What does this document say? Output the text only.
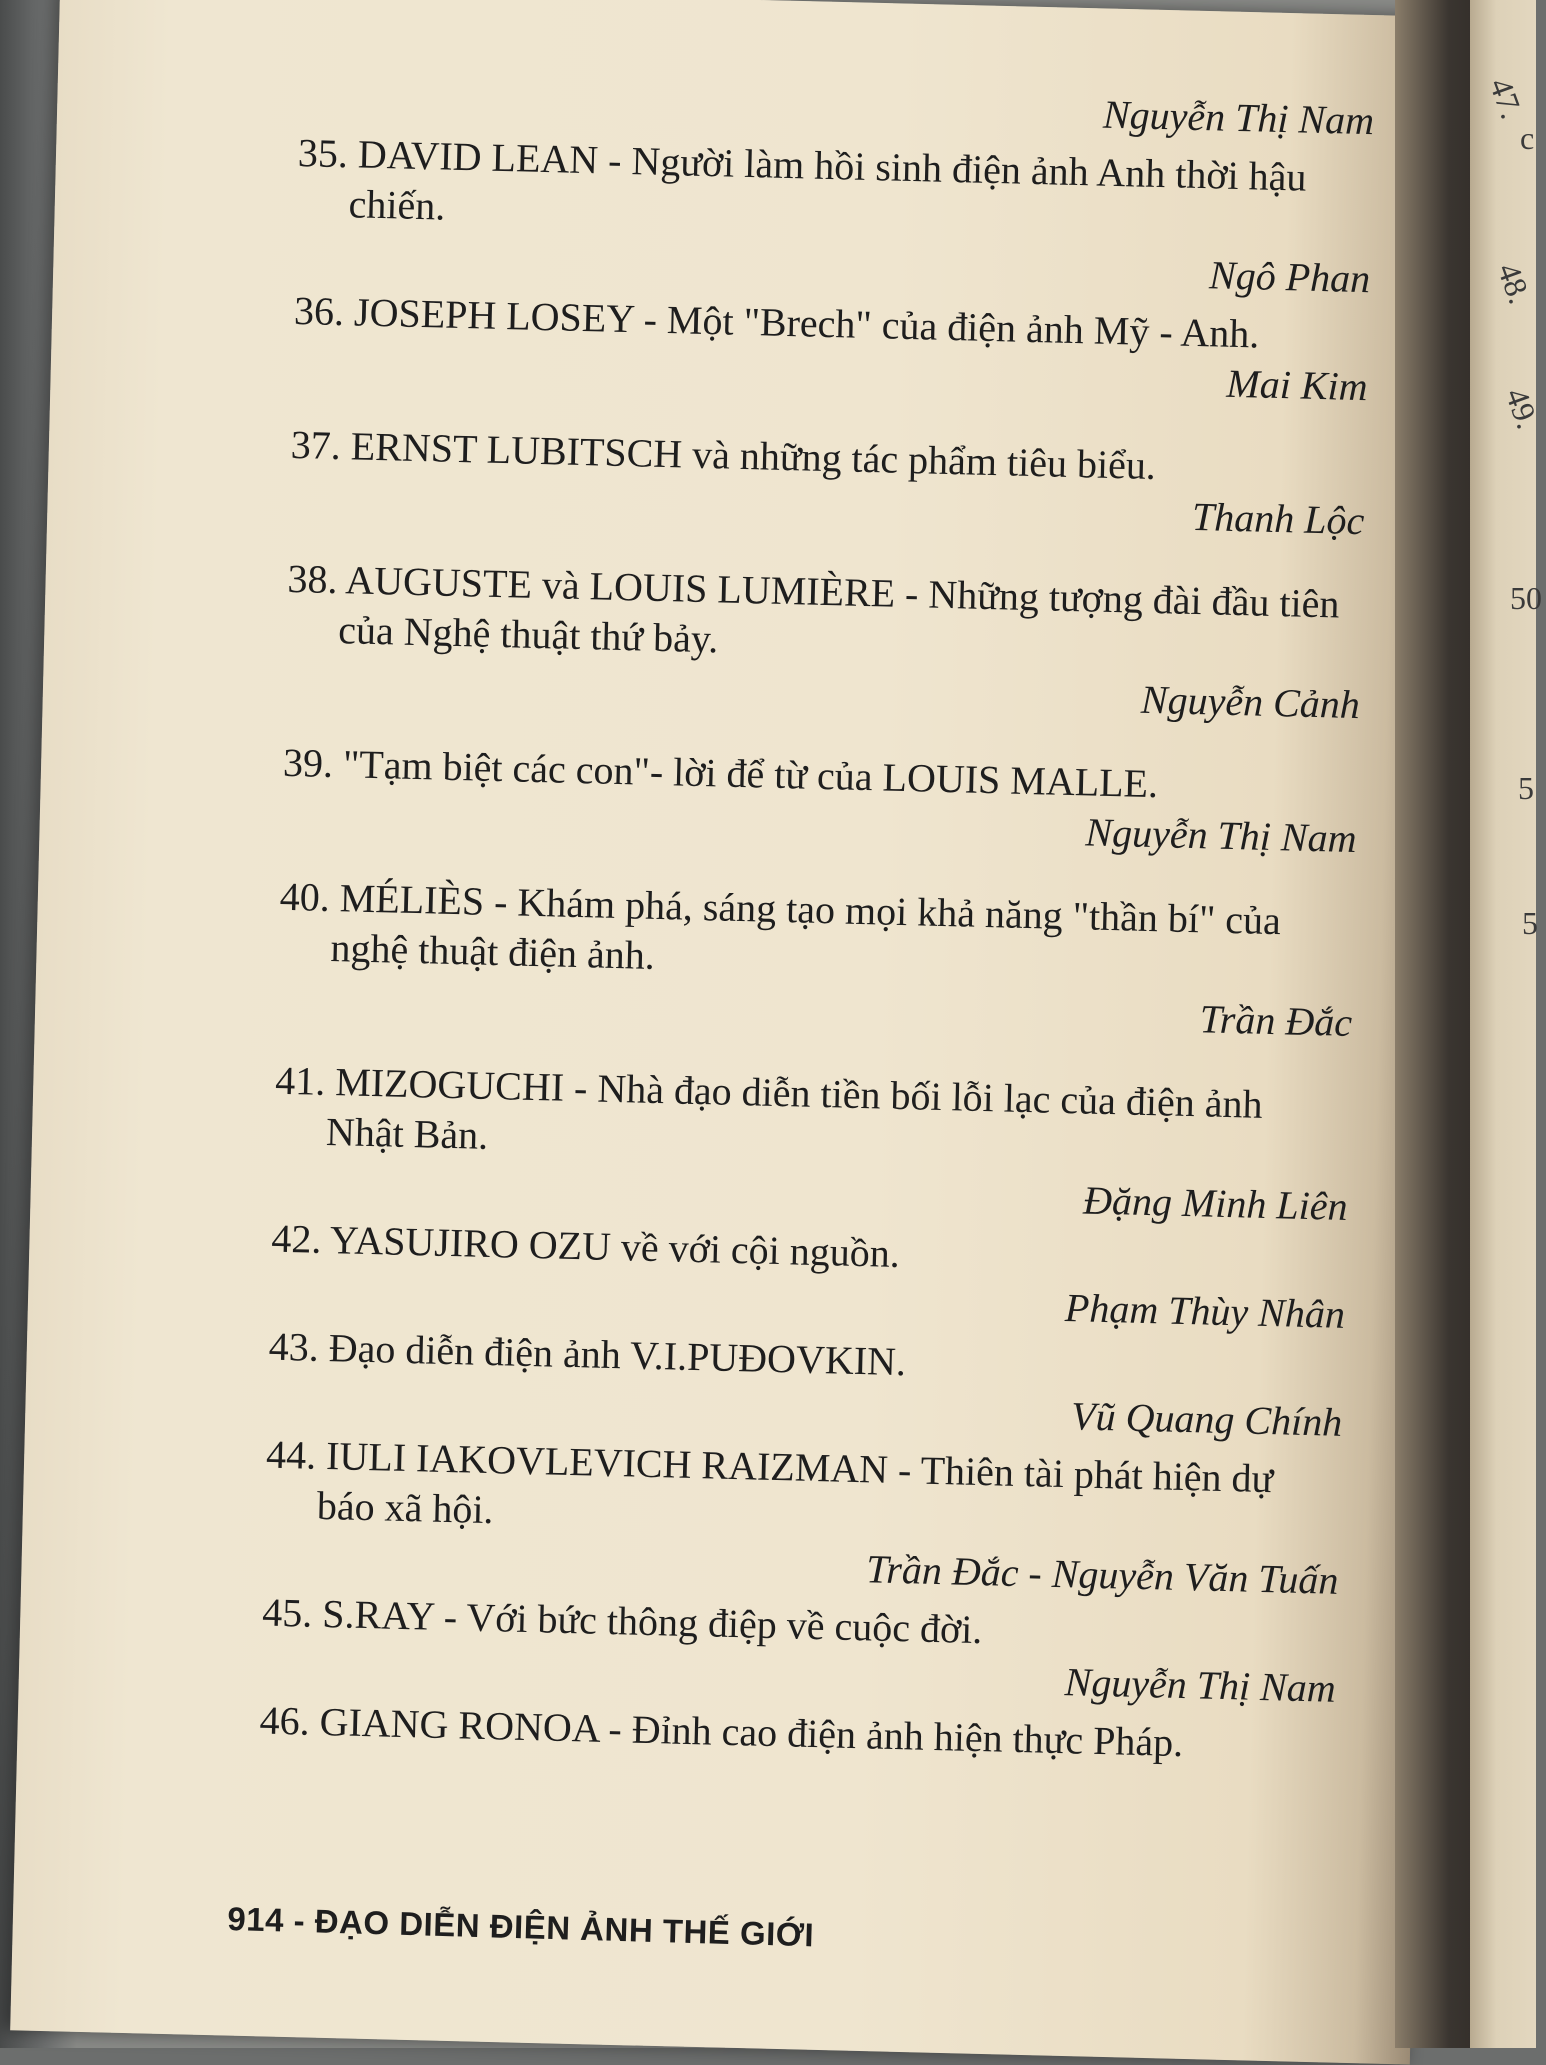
47.
c
48.
49.
50
5
5
Nguyễn Thị Nam
35. DAVID LEAN - Người làm hồi sinh điện ảnh Anh thời hậu chiến.
Ngô Phan
36. JOSEPH LOSEY - Một "Brech" của điện ảnh Mỹ - Anh.
Mai Kim
37. ERNST LUBITSCH và những tác phẩm tiêu biểu.
Thanh Lộc
38. AUGUSTE và LOUIS LUMIÈRE - Những tượng đài đầu tiên của Nghệ thuật thứ bảy.
Nguyễn Cảnh
39. "Tạm biệt các con"- lời để từ của LOUIS MALLE.
Nguyễn Thị Nam
40. MÉLIÈS - Khám phá, sáng tạo mọi khả năng "thần bí" của nghệ thuật điện ảnh.
Trần Đắc
41. MIZOGUCHI - Nhà đạo diễn tiền bối lỗi lạc của điện ảnh Nhật Bản.
Đặng Minh Liên
42. YASUJIRO OZU về với cội nguồn.
Phạm Thùy Nhân
43. Đạo diễn điện ảnh V.I.PUĐOVKIN.
Vũ Quang Chính
44. IULI IAKOVLEVICH RAIZMAN - Thiên tài phát hiện dự báo xã hội.
Trần Đắc - Nguyễn Văn Tuấn
45. S.RAY - Với bức thông điệp về cuộc đời.
Nguyễn Thị Nam
46. GIANG RONOA - Đỉnh cao điện ảnh hiện thực Pháp.
914 - ĐẠO DIỄN ĐIỆN ẢNH THẾ GIỚI
